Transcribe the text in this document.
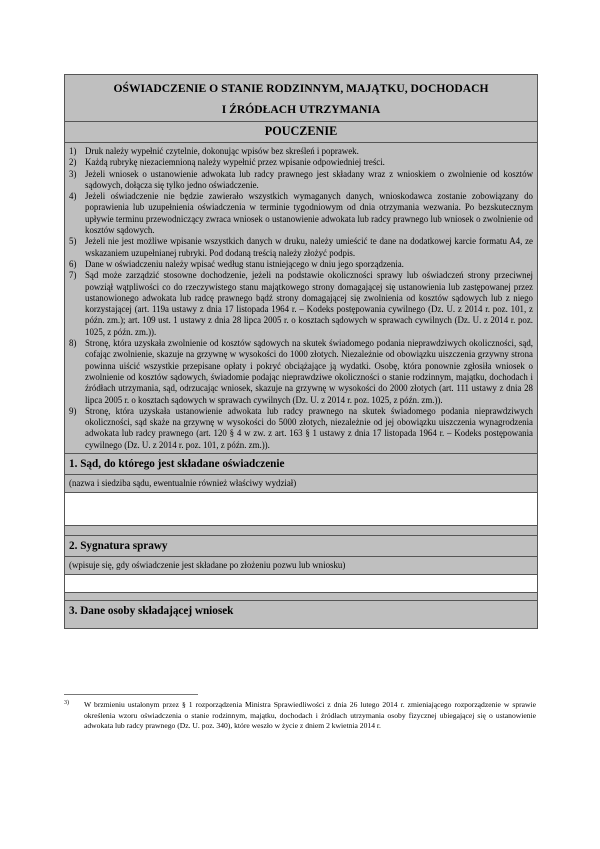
OŚWIADCZENIE O STANIE RODZINNYM, MAJĄTKU, DOCHODACH
I ŹRÓDŁACH UTRZYMANIA
POUCZENIE
1) Druk należy wypełnić czytelnie, dokonując wpisów bez skreśleń i poprawek.
2) Każdą rubrykę niezaciemnioną należy wypełnić przez wpisanie odpowiedniej treści.
3) Jeżeli wniosek o ustanowienie adwokata lub radcy prawnego jest składany wraz z wnioskiem o zwolnienie od kosztów sądowych, dołącza się tylko jedno oświadczenie.
4) Jeżeli oświadczenie nie będzie zawierało wszystkich wymaganych danych, wnioskodawca zostanie zobowiązany do poprawienia lub uzupełnienia oświadczenia w terminie tygodniowym od dnia otrzymania wezwania. Po bezskutecznym upływie terminu przewodniczący zwraca wniosek o ustanowienie adwokata lub radcy prawnego lub wniosek o zwolnienie od kosztów sądowych.
5) Jeżeli nie jest możliwe wpisanie wszystkich danych w druku, należy umieścić te dane na dodatkowej karcie formatu A4, ze wskazaniem uzupełnianej rubryki. Pod dodaną treścią należy złożyć podpis.
6) Dane w oświadczeniu należy wpisać według stanu istniejącego w dniu jego sporządzenia.
7) Sąd może zarządzić stosowne dochodzenie, jeżeli na podstawie okoliczności sprawy lub oświadczeń strony przeciwnej powziął wątpliwości co do rzeczywistego stanu majątkowego strony domagającej się ustanowienia lub zastępowanej przez ustanowionego adwokata lub radcę prawnego bądź strony domagającej się zwolnienia od kosztów sądowych lub z niego korzystającej (art. 119a ustawy z dnia 17 listopada 1964 r. – Kodeks postępowania cywilnego (Dz. U. z 2014 r. poz. 101, z późn. zm.); art. 109 ust. 1 ustawy z dnia 28 lipca 2005 r. o kosztach sądowych w sprawach cywilnych (Dz. U. z 2014 r. poz. 1025, z późn. zm.)).
8) Stronę, która uzyskała zwolnienie od kosztów sądowych na skutek świadomego podania nieprawdziwych okoliczności, sąd, cofając zwolnienie, skazuje na grzywnę w wysokości do 1000 złotych. Niezależnie od obowiązku uiszczenia grzywny strona powinna uiścić wszystkie przepisane opłaty i pokryć obciążające ją wydatki. Osobę, która ponownie zgłosiła wniosek o zwolnienie od kosztów sądowych, świadomie podając nieprawdziwe okoliczności o stanie rodzinnym, majątku, dochodach i źródłach utrzymania, sąd, odrzucając wniosek, skazuje na grzywnę w wysokości do 2000 złotych (art. 111 ustawy z dnia 28 lipca 2005 r. o kosztach sądowych w sprawach cywilnych (Dz. U. z 2014 r. poz. 1025, z późn. zm.)).
9) Stronę, która uzyskała ustanowienie adwokata lub radcy prawnego na skutek świadomego podania nieprawdziwych okoliczności, sąd skaże na grzywnę w wysokości do 5000 złotych, niezależnie od jej obowiązku uiszczenia wynagrodzenia adwokata lub radcy prawnego (art. 120 § 4 w zw. z art. 163 § 1 ustawy z dnia 17 listopada 1964 r. – Kodeks postępowania cywilnego (Dz. U. z 2014 r. poz. 101, z późn. zm.)).
1. Sąd, do którego jest składane oświadczenie
(nazwa i siedziba sądu, ewentualnie również właściwy wydział)
2. Sygnatura sprawy
(wpisuje się, gdy oświadczenie jest składane po złożeniu pozwu lub wniosku)
3. Dane osoby składającej wniosek
3)	W brzmieniu ustalonym przez § 1 rozporządzenia Ministra Sprawiedliwości z dnia 26 lutego 2014 r. zmieniającego rozporządzenie w sprawie określenia wzoru oświadczenia o stanie rodzinnym, majątku, dochodach i źródłach utrzymania osoby fizycznej ubiegającej się o ustanowienie adwokata lub radcy prawnego (Dz. U. poz. 340), które weszło w życie z dniem 2 kwietnia 2014 r.
